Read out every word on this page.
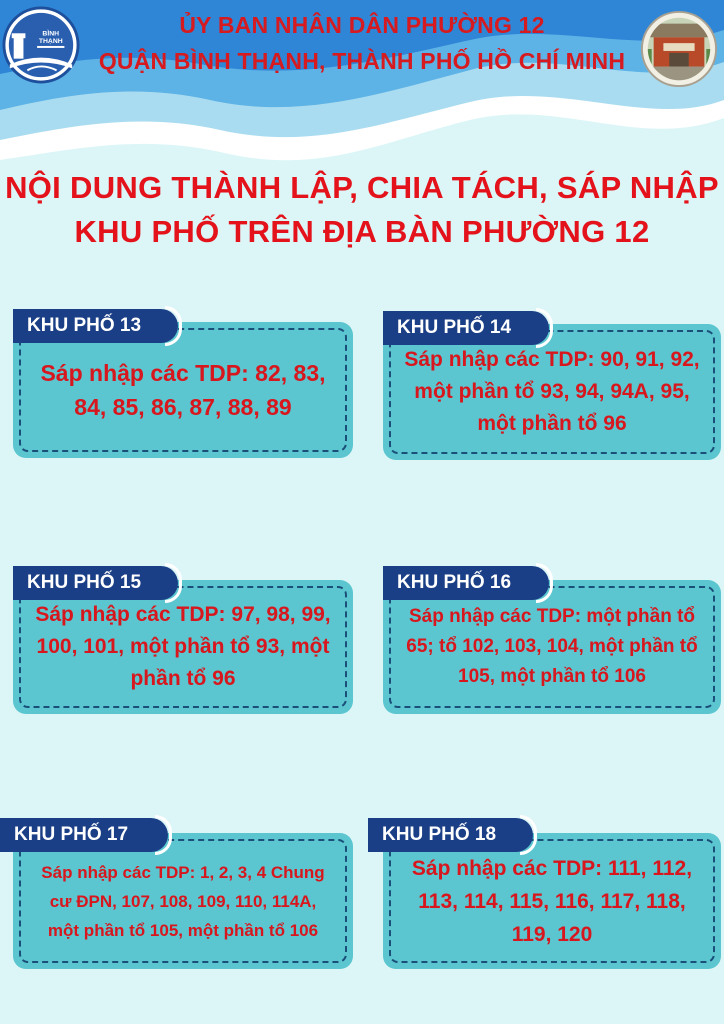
BÌNH
THẠNH
ỦY BAN NHÂN DÂN PHƯỜNG 12
QUẬN BÌNH THẠNH, THÀNH PHỐ HỒ CHÍ MINH
NỘI DUNG THÀNH LẬP, CHIA TÁCH, SÁP NHẬP
KHU PHỐ TRÊN ĐỊA BÀN PHƯỜNG 12
Sáp nhập các TDP: 82, 83,
84, 85, 86, 87, 88, 89
KHU PHỐ 13
Sáp nhập các TDP: 90, 91, 92,
một phần tổ 93, 94, 94A, 95,
một phần tổ 96
KHU PHỐ 14
Sáp nhập các TDP: 97, 98, 99,
100, 101, một phần tổ 93, một
phần tổ 96
KHU PHỐ 15
Sáp nhập các TDP: một phần tổ
65; tổ 102, 103, 104, một phần tổ
105, một phần tổ 106
KHU PHỐ 16
Sáp nhập các TDP: 1, 2, 3, 4 Chung
cư ĐPN, 107, 108, 109, 110, 114A,
một phần tổ 105, một phần tổ 106
KHU PHỐ 17
Sáp nhập các TDP: 111, 112,
113, 114, 115, 116, 117, 118,
119, 120
KHU PHỐ 18
